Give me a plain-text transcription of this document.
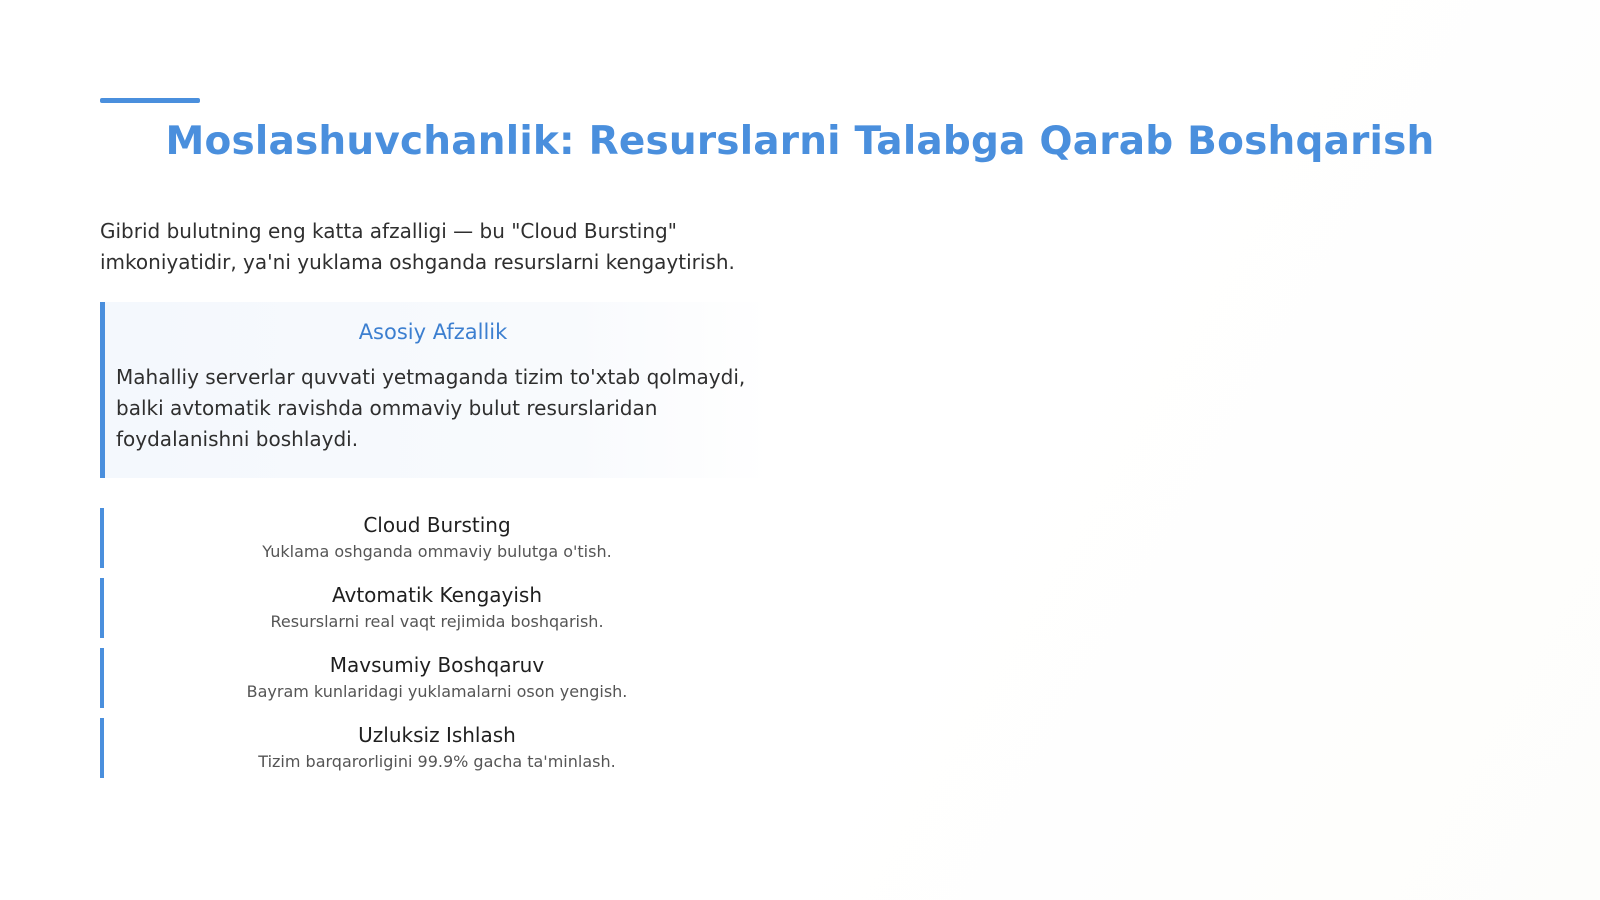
Moslashuvchanlik: Resurslarni Talabga Qarab Boshqarish

Gibrid bulutning eng katta afzalligi — bu "Cloud Bursting" imkoniyatidir, ya'ni yuklama oshganda resurslarni kengaytirish.

Asosiy Afzallik

Mahalliy serverlar quvvati yetmaganda tizim to'xtab qolmaydi, balki avtomatik ravishda ommaviy bulut resurslaridan foydalanishni boshlaydi.

Cloud Bursting
Yuklama oshganda ommaviy bulutga o'tish.
Avtomatik Kengayish
Resurslarni real vaqt rejimida boshqarish.
Mavsumiy Boshqaruv
Bayram kunlaridagi yuklamalarni oson yengish.
Uzluksiz Ishlash
Tizim barqarorligini 99.9% gacha ta'minlash.
